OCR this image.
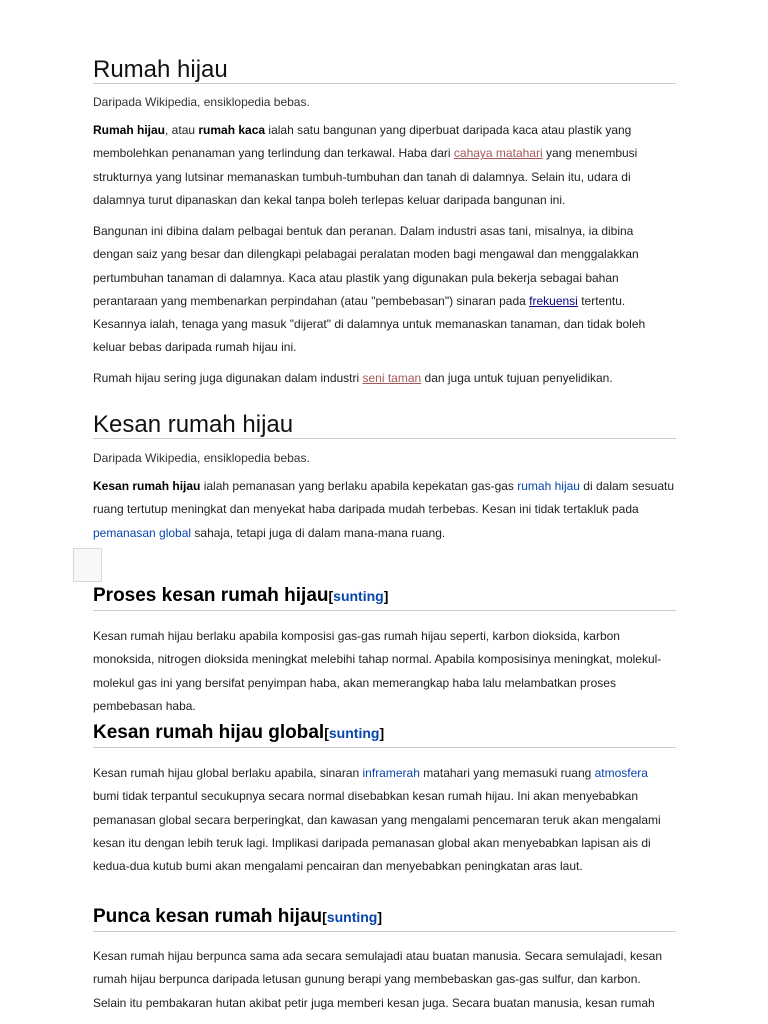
Rumah hijau
Daripada Wikipedia, ensiklopedia bebas.

Rumah hijau, atau rumah kaca ialah satu bangunan yang diperbuat daripada kaca atau plastik yang membolehkan penanaman yang terlindung dan terkawal. Haba dari cahaya matahari yang menembusi strukturnya yang lutsinar memanaskan tumbuh-tumbuhan dan tanah di dalamnya. Selain itu, udara di dalamnya turut dipanaskan dan kekal tanpa boleh terlepas keluar daripada bangunan ini.

Bangunan ini dibina dalam pelbagai bentuk dan peranan. Dalam industri asas tani, misalnya, ia dibina dengan saiz yang besar dan dilengkapi pelabagai peralatan moden bagi mengawal dan menggalakkan pertumbuhan tanaman di dalamnya. Kaca atau plastik yang digunakan pula bekerja sebagai bahan perantaraan yang membenarkan perpindahan (atau "pembebasan") sinaran pada frekuensi tertentu. Kesannya ialah, tenaga yang masuk "dijerat" di dalamnya untuk memanaskan tanaman, dan tidak boleh keluar bebas daripada rumah hijau ini.

Rumah hijau sering juga digunakan dalam industri seni taman dan juga untuk tujuan penyelidikan.

Kesan rumah hijau
Daripada Wikipedia, ensiklopedia bebas.

Kesan rumah hijau ialah pemanasan yang berlaku apabila kepekatan gas-gas rumah hijau di dalam sesuatu ruang tertutup meningkat dan menyekat haba daripada mudah terbebas. Kesan ini tidak tertakluk pada pemanasan global sahaja, tetapi juga di dalam mana-mana ruang.

Proses kesan rumah hijau[sunting]

Kesan rumah hijau berlaku apabila komposisi gas-gas rumah hijau seperti, karbon dioksida, karbon monoksida, nitrogen dioksida meningkat melebihi tahap normal. Apabila komposisinya meningkat, molekul-molekul gas ini yang bersifat penyimpan haba, akan memerangkap haba lalu melambatkan proses pembebasan haba.

Kesan rumah hijau global[sunting]

Kesan rumah hijau global berlaku apabila, sinaran inframerah matahari yang memasuki ruang atmosfera bumi tidak terpantul secukupnya secara normal disebabkan kesan rumah hijau. Ini akan menyebabkan pemanasan global secara berperingkat, dan kawasan yang mengalami pencemaran teruk akan mengalami kesan itu dengan lebih teruk lagi. Implikasi daripada pemanasan global akan menyebabkan lapisan ais di kedua-dua kutub bumi akan mengalami pencairan dan menyebabkan peningkatan aras laut.

Punca kesan rumah hijau[sunting]

Kesan rumah hijau berpunca sama ada secara semulajadi atau buatan manusia. Secara semulajadi, kesan rumah hijau berpunca daripada letusan gunung berapi yang membebaskan gas-gas sulfur, dan karbon. Selain itu pembakaran hutan akibat petir juga memberi kesan juga. Secara buatan manusia, kesan rumah
